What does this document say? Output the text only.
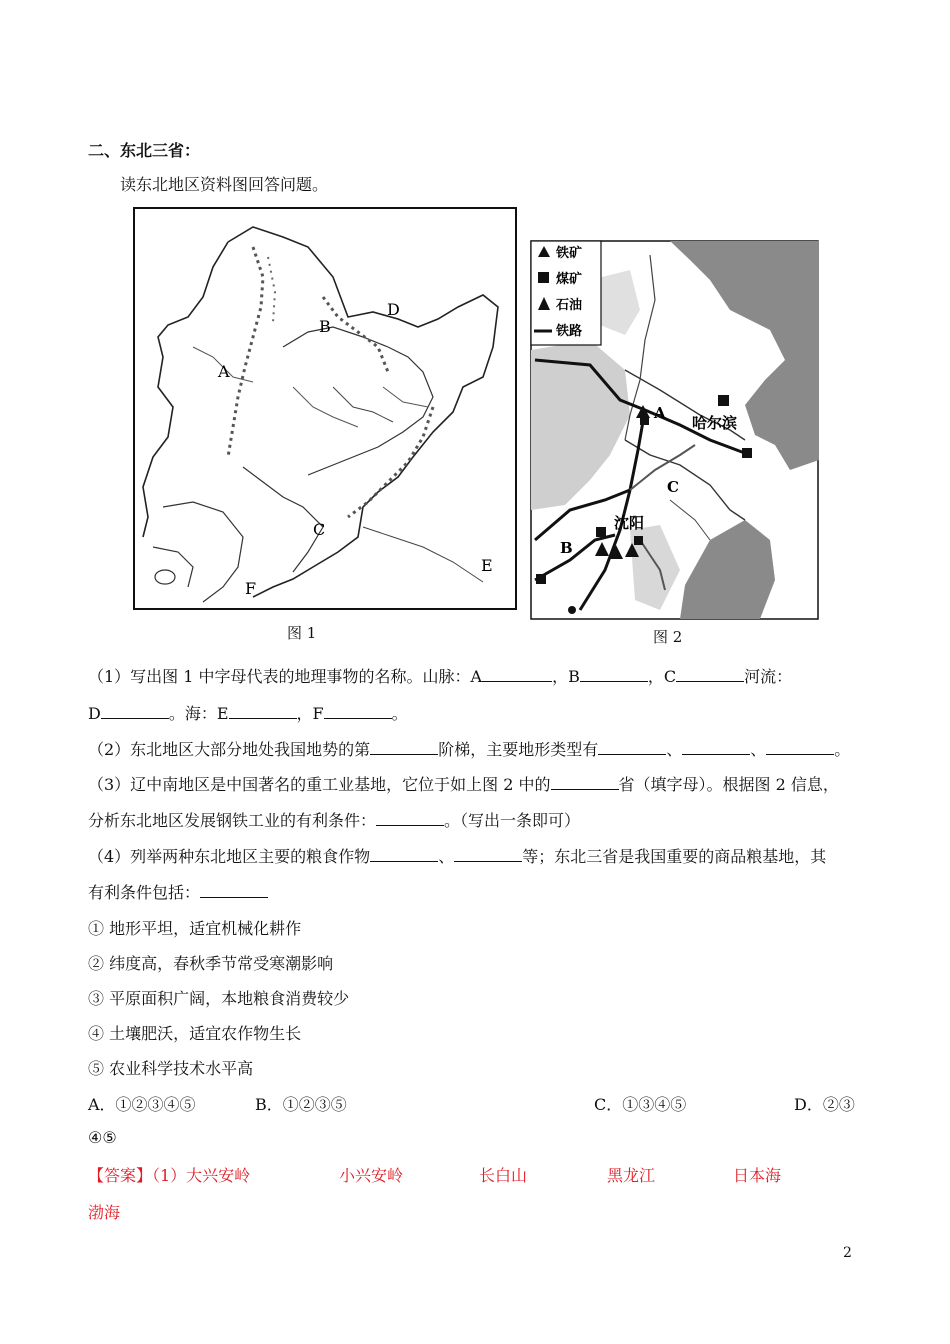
二、东北三省：
读东北地区资料图回答问题。
A
B
C
D
E
F
图 1
铁矿
煤矿
石油
铁路
哈尔滨
沈阳
A
B
C
图 2
（1）写出图 1 中字母代表的地理事物的名称。山脉：A	，B	，C	河流：
D	。海：E	，F	。
（2）东北地区大部分地处我国地势的第	阶梯，主要地形类型有	、	、	。
（3）辽中南地区是中国著名的重工业基地，它位于如上图 2 中的	省（填字母）。根据图 2 信息，
分析东北地区发展钢铁工业的有利条件：	。（写出一条即可）
（4）列举两种东北地区主要的粮食作物	、	等；东北三省是我国重要的商品粮基地，其
有利条件包括：
① 地形平坦，适宜机械化耕作
② 纬度高，春秋季节常受寒潮影响
③ 平原面积广阔，本地粮食消费较少
④ 土壤肥沃，适宜农作物生长
⑤ 农业科学技术水平高
A．①②③④⑤	B．①②③⑤	C．①③④⑤	D．②③
④⑤
【答案】（1）大兴安岭	小兴安岭	长白山	黑龙江	日本海
渤海
2
